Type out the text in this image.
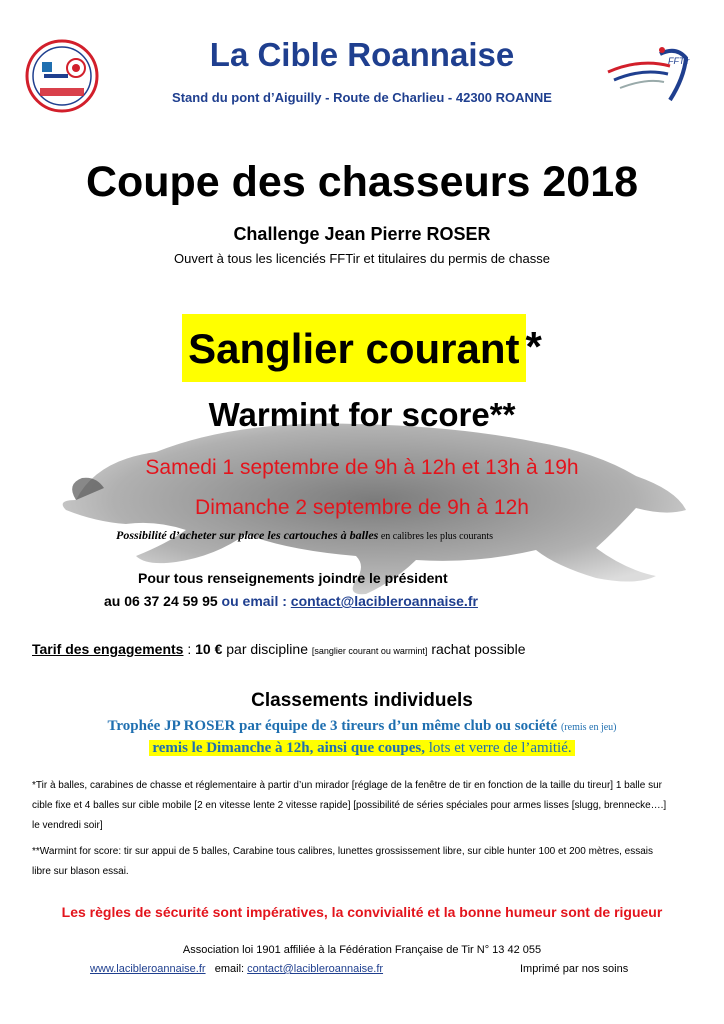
FFTir
La Cible Roannaise
Stand du pont d’Aiguilly - Route de Charlieu - 42300 ROANNE
Coupe des chasseurs 2018
Challenge Jean Pierre ROSER
Ouvert à tous les licenciés FFTir et titulaires du permis de chasse
Sanglier courant *
Warmint for score**
Samedi 1 septembre de 9h à 12h et 13h à 19h
Dimanche 2 septembre de 9h à 12h
Possibilité d’acheter sur place les cartouches à balles en calibres les plus courants
Pour tous renseignements joindre le président
au 06 37 24 59 95 ou email : contact@lacibleroannaise.fr
Tarif des engagements : 10 € par discipline [sanglier courant ou warmint] rachat possible
Classements individuels
Trophée JP ROSER par équipe de 3 tireurs d’un même club ou société (remis en jeu)
remis le Dimanche à 12h, ainsi que coupes, lots et verre de l’amitié.
*Tir à balles, carabines de chasse et réglementaire à partir d’un mirador [réglage de la fenêtre de tir en fonction de la taille du tireur] 1 balle sur cible fixe et 4 balles sur cible mobile [2 en vitesse lente 2 vitesse rapide] [possibilité de séries spéciales pour armes lisses [slugg, brennecke….] le vendredi soir]
**Warmint for score: tir sur appui de 5 balles, Carabine tous calibres, lunettes grossissement libre, sur cible hunter 100 et 200 mètres, essais libre sur blason essai.
Les règles de sécurité sont impératives, la convivialité et la bonne humeur sont de rigueur
Association loi 1901 affiliée à la Fédération Française de Tir N° 13 42 055
www.lacibleroannaise.fr   email: contact@lacibleroannaise.fr	Imprimé par nos soins
